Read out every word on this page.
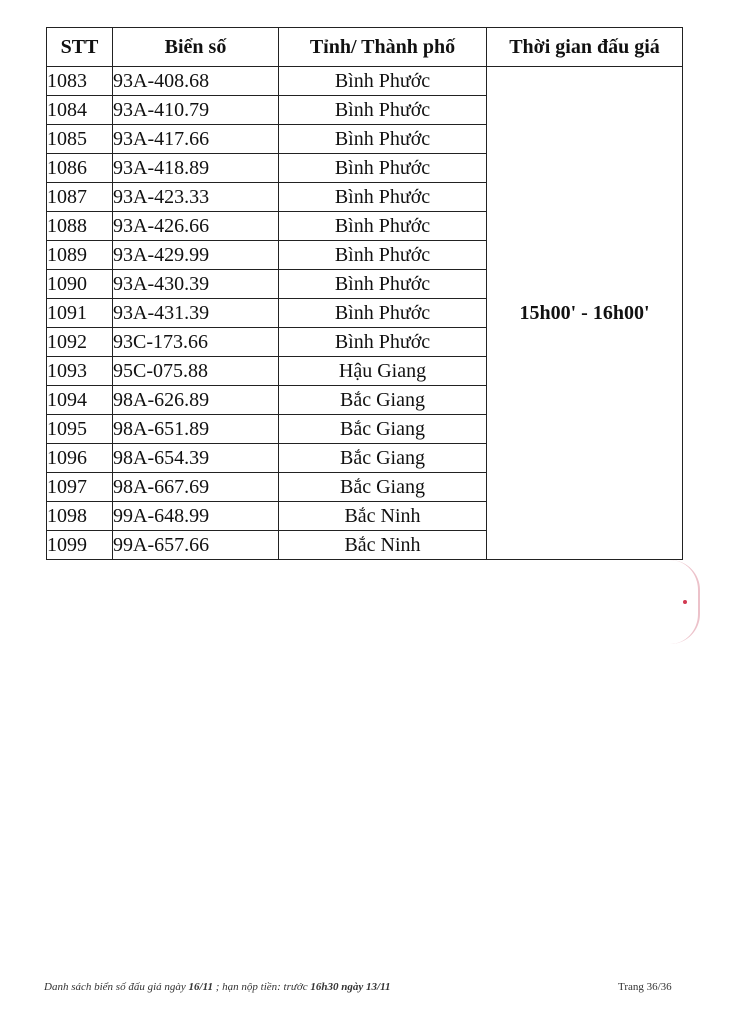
STT	Biển số	Tỉnh/ Thành phố	Thời gian đấu giá
1083	93A-408.68	Bình Phước	15h00' - 16h00'
1084	93A-410.79	Bình Phước	
1085	93A-417.66	Bình Phước	
1086	93A-418.89	Bình Phước	
1087	93A-423.33	Bình Phước	
1088	93A-426.66	Bình Phước	
1089	93A-429.99	Bình Phước	
1090	93A-430.39	Bình Phước	
1091	93A-431.39	Bình Phước	
1092	93C-173.66	Bình Phước	
1093	95C-075.88	Hậu Giang	
1094	98A-626.89	Bắc Giang	
1095	98A-651.89	Bắc Giang	
1096	98A-654.39	Bắc Giang	
1097	98A-667.69	Bắc Giang	
1098	99A-648.99	Bắc Ninh	
1099	99A-657.66	Bắc Ninh	
Danh sách biển số đấu giá ngày 16/11 ; hạn nộp tiền: trước 16h30 ngày 13/11	Trang 36/36
